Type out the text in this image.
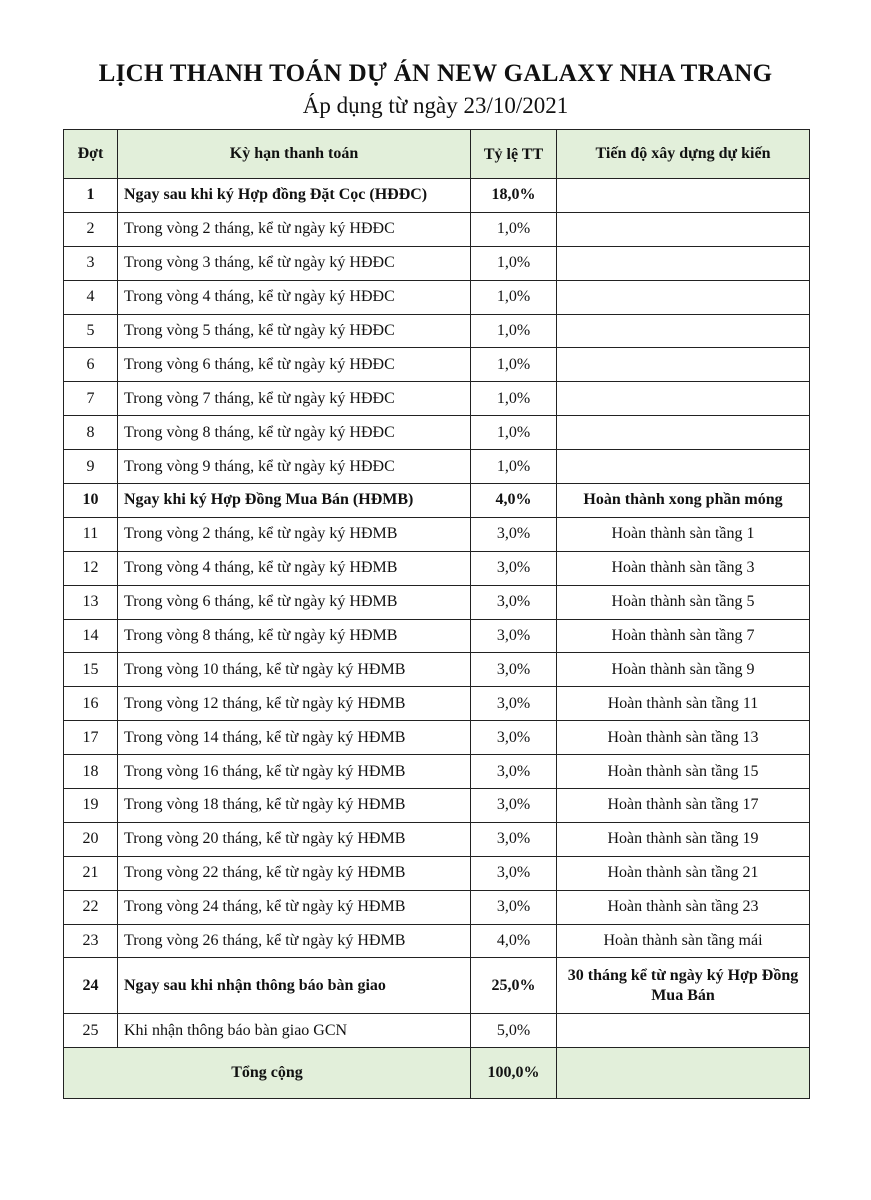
LỊCH THANH TOÁN DỰ ÁN NEW GALAXY NHA TRANG
Áp dụng từ ngày 23/10/2021
Đợt	Kỳ hạn thanh toán	Tỷ lệ TT	Tiến độ xây dựng dự kiến
1	Ngay sau khi ký Hợp đồng Đặt Cọc (HĐĐC)	18,0%	
2	Trong vòng 2 tháng, kể từ ngày ký HĐĐC	1,0%	
3	Trong vòng 3 tháng, kể từ ngày ký HĐĐC	1,0%	
4	Trong vòng 4 tháng, kể từ ngày ký HĐĐC	1,0%	
5	Trong vòng 5 tháng, kể từ ngày ký HĐĐC	1,0%	
6	Trong vòng 6 tháng, kể từ ngày ký HĐĐC	1,0%	
7	Trong vòng 7 tháng, kể từ ngày ký HĐĐC	1,0%	
8	Trong vòng 8 tháng, kể từ ngày ký HĐĐC	1,0%	
9	Trong vòng 9 tháng, kể từ ngày ký HĐĐC	1,0%	
10	Ngay khi ký Hợp Đồng Mua Bán (HĐMB)	4,0%	Hoàn thành xong phần móng
11	Trong vòng 2 tháng, kể từ ngày ký HĐMB	3,0%	Hoàn thành sàn tầng 1
12	Trong vòng 4 tháng, kể từ ngày ký HĐMB	3,0%	Hoàn thành sàn tầng 3
13	Trong vòng 6 tháng, kể từ ngày ký HĐMB	3,0%	Hoàn thành sàn tầng 5
14	Trong vòng 8 tháng, kể từ ngày ký HĐMB	3,0%	Hoàn thành sàn tầng 7
15	Trong vòng 10 tháng, kể từ ngày ký HĐMB	3,0%	Hoàn thành sàn tầng 9
16	Trong vòng 12 tháng, kể từ ngày ký HĐMB	3,0%	Hoàn thành sàn tầng 11
17	Trong vòng 14 tháng, kể từ ngày ký HĐMB	3,0%	Hoàn thành sàn tầng 13
18	Trong vòng 16 tháng, kể từ ngày ký HĐMB	3,0%	Hoàn thành sàn tầng 15
19	Trong vòng 18 tháng, kể từ ngày ký HĐMB	3,0%	Hoàn thành sàn tầng 17
20	Trong vòng 20 tháng, kể từ ngày ký HĐMB	3,0%	Hoàn thành sàn tầng 19
21	Trong vòng 22 tháng, kể từ ngày ký HĐMB	3,0%	Hoàn thành sàn tầng 21
22	Trong vòng 24 tháng, kể từ ngày ký HĐMB	3,0%	Hoàn thành sàn tầng 23
23	Trong vòng 26 tháng, kể từ ngày ký HĐMB	4,0%	Hoàn thành sàn tầng mái
24	Ngay sau khi nhận thông báo bàn giao	25,0%	30 tháng kể từ ngày ký Hợp Đồng Mua Bán
25	Khi nhận thông báo bàn giao GCN	5,0%	
Tổng cộng		100,0%	
